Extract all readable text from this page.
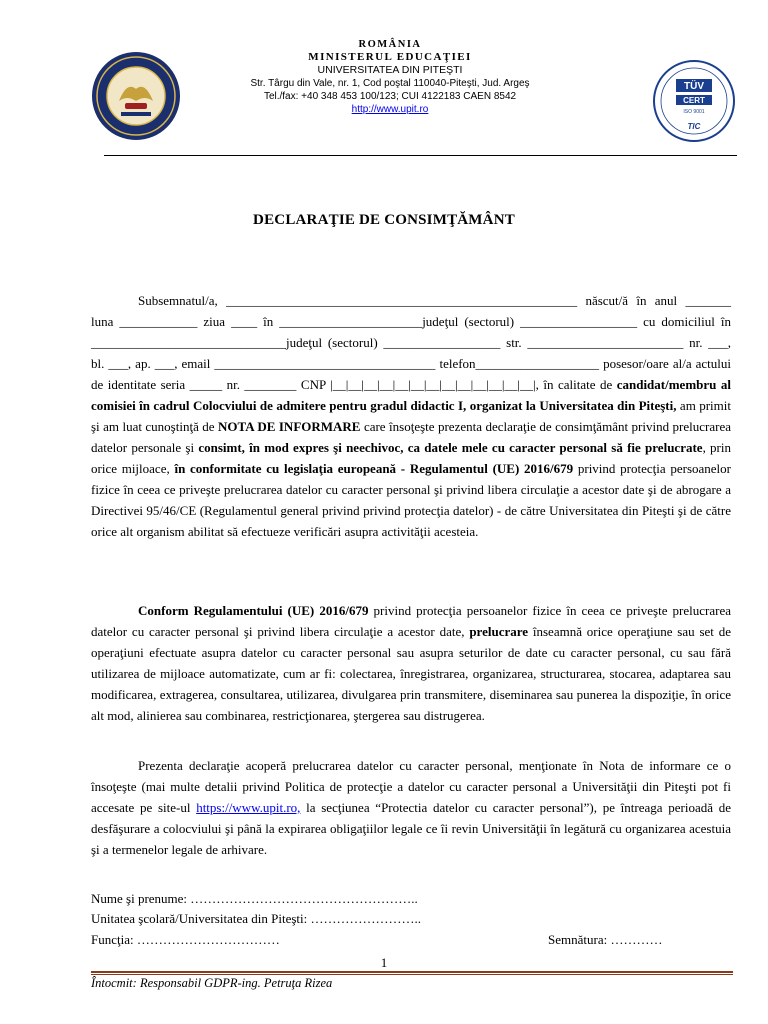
ROMÂNIA
MINISTERUL EDUCAŢIEI
UNIVERSITATEA DIN PITEŞTI
Str. Târgu din Vale, nr. 1, Cod poştal 110040-Piteşti, Jud. Argeş
Tel./fax: +40 348 453 100/123; CUI 4122183 CAEN 8542
http://www.upit.ro
TÜV
CERT
ISO 9001
TIC
DECLARAŢIE DE CONSIMŢĂMÂNT
Subsemnatul/a, ______________________________________________________ născut/ă în anul _______ luna ____________ ziua ____ în ______________________judeţul (sectorul) __________________ cu domiciliul în ______________________________judeţul (sectorul) __________________ str. ________________________ nr. ___, bl. ___, ap. ___, email __________________________________ telefon___________________ posesor/oare al/a actului de identitate seria _____ nr. ________ CNP |__|__|__|__|__|__|__|__|__|__|__|__|__|, în calitate de candidat/membru al comisiei în cadrul Colocviului de admitere pentru gradul didactic I, organizat la Universitatea din Piteşti, am primit şi am luat cunoştinţă de NOTA DE INFORMARE care însoţeşte prezenta declaraţie de consimţământ privind prelucrarea datelor personale şi consimt, în mod expres şi neechivoc, ca datele mele cu caracter personal să fie prelucrate, prin orice mijloace, în conformitate cu legislaţia europeană - Regulamentul (UE) 2016/679 privind protecţia persoanelor fizice în ceea ce priveşte prelucrarea datelor cu caracter personal şi privind libera circulaţie a acestor date şi de abrogare a Directivei 95/46/CE (Regulamentul general privind privind protecţia datelor) - de către Universitatea din Piteşti şi de către orice alt organism abilitat să efectueze verificări asupra activităţii acesteia.
Conform Regulamentului (UE) 2016/679 privind protecţia persoanelor fizice în ceea ce priveşte prelucrarea datelor cu caracter personal şi privind libera circulaţie a acestor date, prelucrare înseamnă orice operaţiune sau set de operaţiuni efectuate asupra datelor cu caracter personal sau asupra seturilor de date cu caracter personal, cu sau fără utilizarea de mijloace automatizate, cum ar fi: colectarea, înregistrarea, organizarea, structurarea, stocarea, adaptarea sau modificarea, extragerea, consultarea, utilizarea, divulgarea prin transmitere, diseminarea sau punerea la dispoziţie, în orice alt mod, alinierea sau combinarea, restricţionarea, ştergerea sau distrugerea.
Prezenta declaraţie acoperă prelucrarea datelor cu caracter personal, menţionate în Nota de informare ce o însoţeşte (mai multe detalii privind Politica de protecţie a datelor cu caracter personal a Universităţii din Piteşti pot fi accesate pe site-ul https://www.upit.ro, la secţiunea “Protectia datelor cu caracter personal”), pe întreaga perioadă de desfăşurare a colocviului şi până la expirarea obligaţiilor legale ce îi revin Universităţii în legătură cu organizarea acestuia şi a termenelor legale de arhivare.
Nume şi prenume: ……………………………………………..
Unitatea şcolară/Universitatea din Piteşti: ……………………..
Funcţia: ……………………………	Semnătura: …………
1
Întocmit: Responsabil GDPR-ing. Petruţa Rizea
